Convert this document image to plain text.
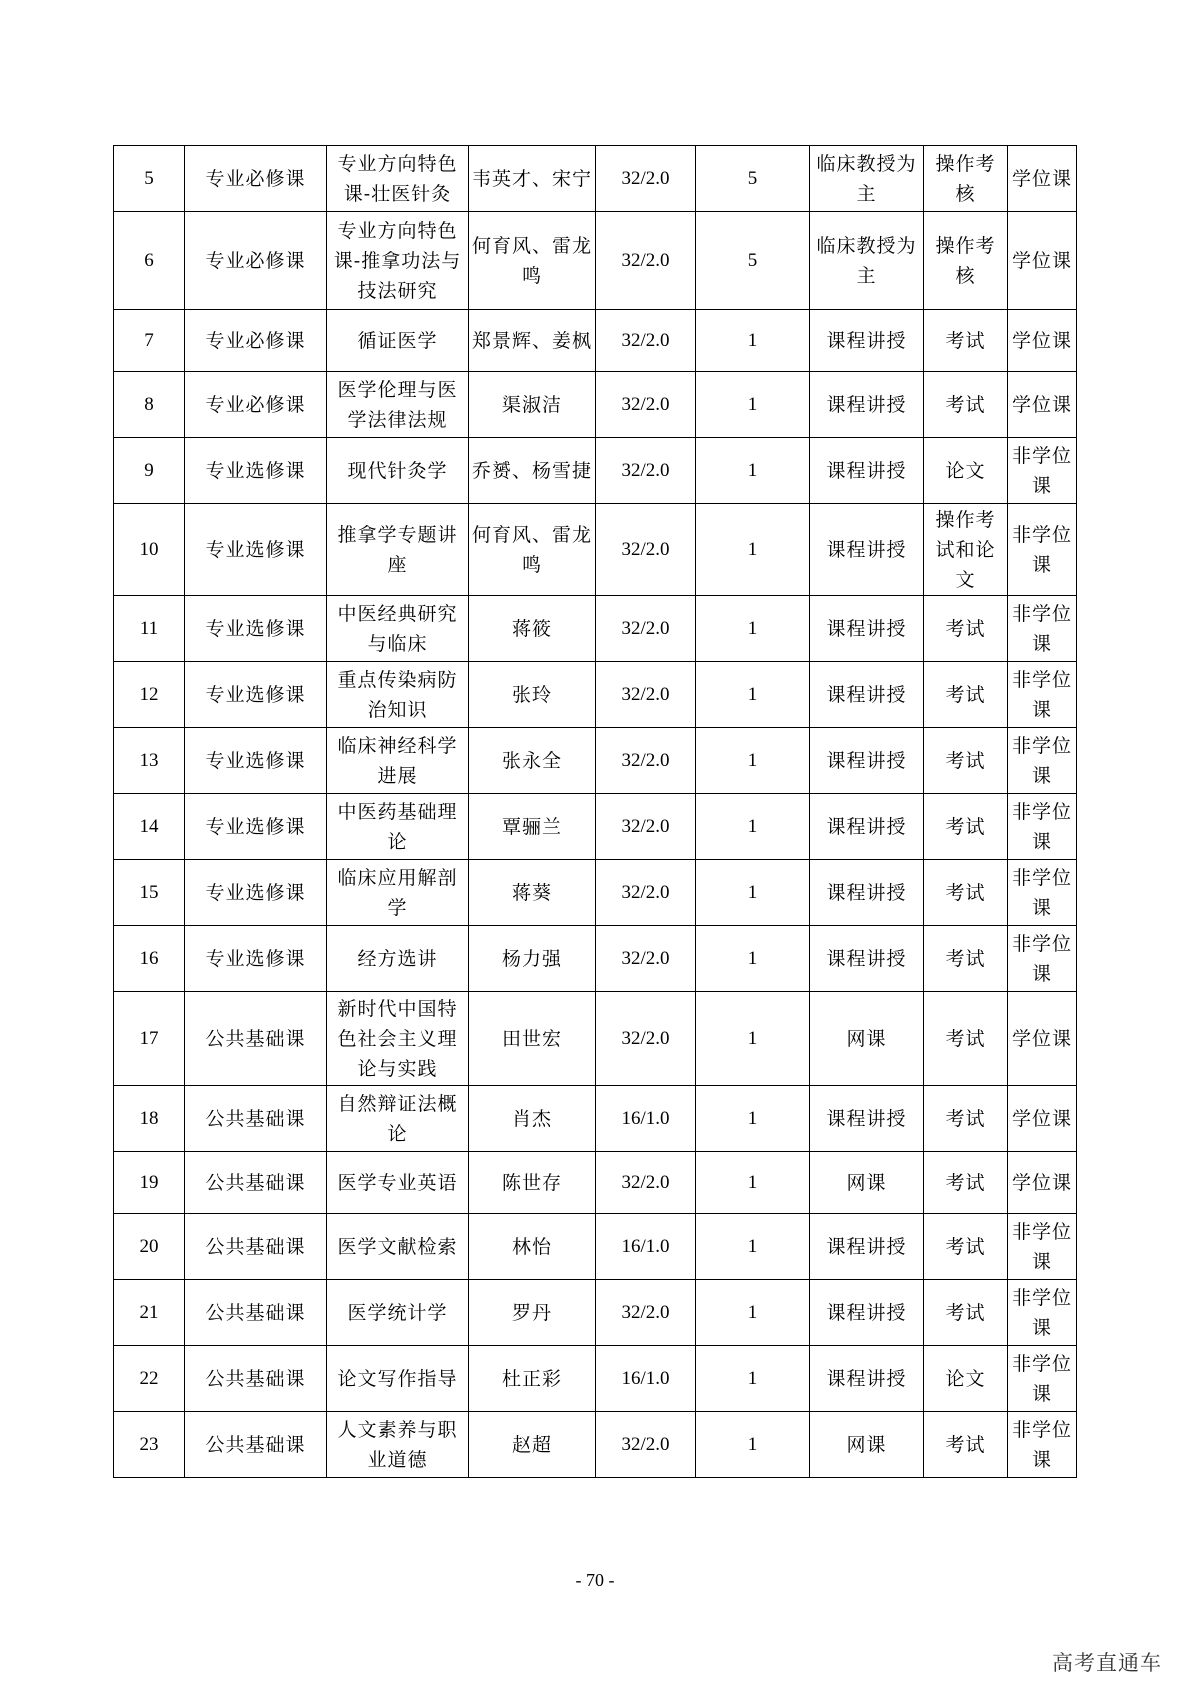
5	专业必修课	专业方向特色课-壮医针灸	韦英才、宋宁	32/2.0	5	临床教授为主	操作考核	学位课
6	专业必修课	专业方向特色课-推拿功法与技法研究	何育风、雷龙鸣	32/2.0	5	临床教授为主	操作考核	学位课
7	专业必修课	循证医学	郑景辉、姜枫	32/2.0	1	课程讲授	考试	学位课
8	专业必修课	医学伦理与医学法律法规	渠淑洁	32/2.0	1	课程讲授	考试	学位课
9	专业选修课	现代针灸学	乔赟、杨雪捷	32/2.0	1	课程讲授	论文	非学位课
10	专业选修课	推拿学专题讲座	何育风、雷龙鸣	32/2.0	1	课程讲授	操作考试和论文	非学位课
11	专业选修课	中医经典研究与临床	蒋筱	32/2.0	1	课程讲授	考试	非学位课
12	专业选修课	重点传染病防治知识	张玲	32/2.0	1	课程讲授	考试	非学位课
13	专业选修课	临床神经科学进展	张永全	32/2.0	1	课程讲授	考试	非学位课
14	专业选修课	中医药基础理论	覃骊兰	32/2.0	1	课程讲授	考试	非学位课
15	专业选修课	临床应用解剖学	蒋葵	32/2.0	1	课程讲授	考试	非学位课
16	专业选修课	经方选讲	杨力强	32/2.0	1	课程讲授	考试	非学位课
17	公共基础课	新时代中国特色社会主义理论与实践	田世宏	32/2.0	1	网课	考试	学位课
18	公共基础课	自然辩证法概论	肖杰	16/1.0	1	课程讲授	考试	学位课
19	公共基础课	医学专业英语	陈世存	32/2.0	1	网课	考试	学位课
20	公共基础课	医学文献检索	林怡	16/1.0	1	课程讲授	考试	非学位课
21	公共基础课	医学统计学	罗丹	32/2.0	1	课程讲授	考试	非学位课
22	公共基础课	论文写作指导	杜正彩	16/1.0	1	课程讲授	论文	非学位课
23	公共基础课	人文素养与职业道德	赵超	32/2.0	1	网课	考试	非学位课
- 70 -
高考直通车
